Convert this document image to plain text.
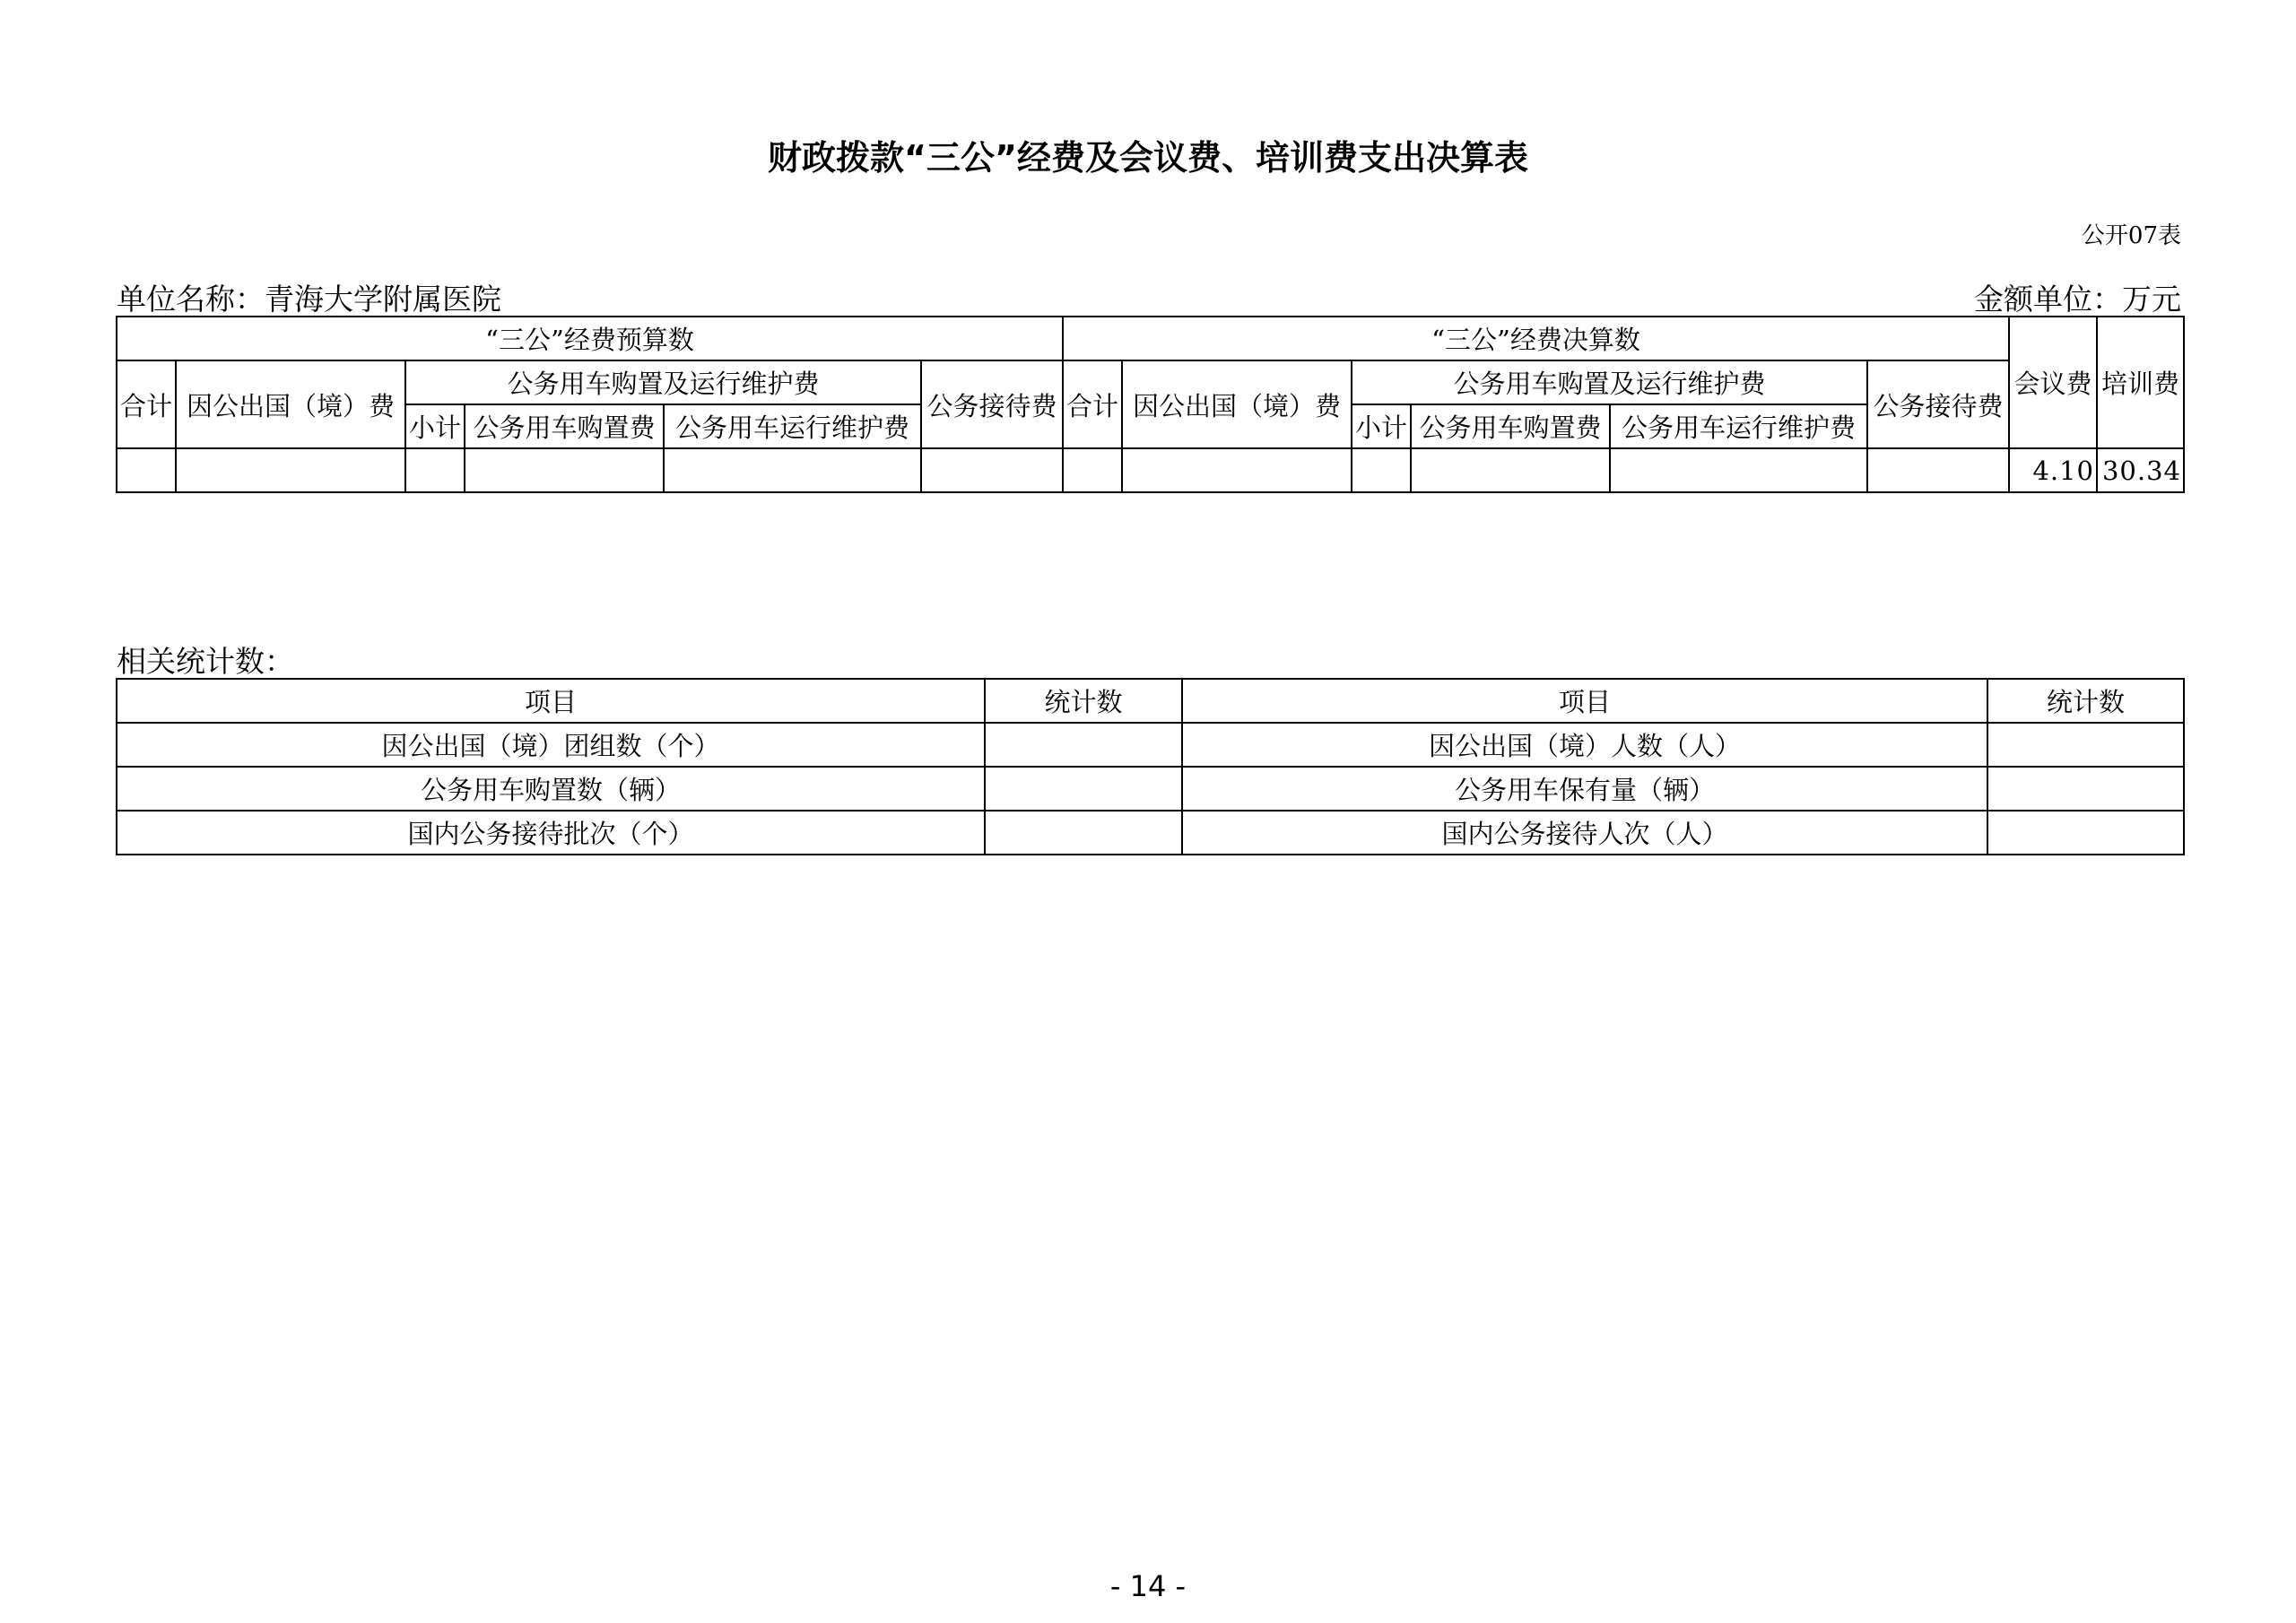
财政拨款“三公”经费及会议费、培训费支出决算表
公开07表
单位名称：青海大学附属医院	金额单位：万元
“三公”经费预算数						“三公”经费决算数						会议费	培训费
合计	因公出国（境）费	公务用车购置及运行维护费			公务接待费	合计	因公出国（境）费	公务用车购置及运行维护费			公务接待费		
		小计	公务用车购置费	公务用车运行维护费				小计	公务用车购置费	公务用车运行维护费			
												4.10	30.34
相关统计数：
项目	统计数	项目	统计数
因公出国（境）团组数（个）		因公出国（境）人数（人）	
公务用车购置数（辆）		公务用车保有量（辆）	
国内公务接待批次（个）		国内公务接待人次（人）	
- 14 -
